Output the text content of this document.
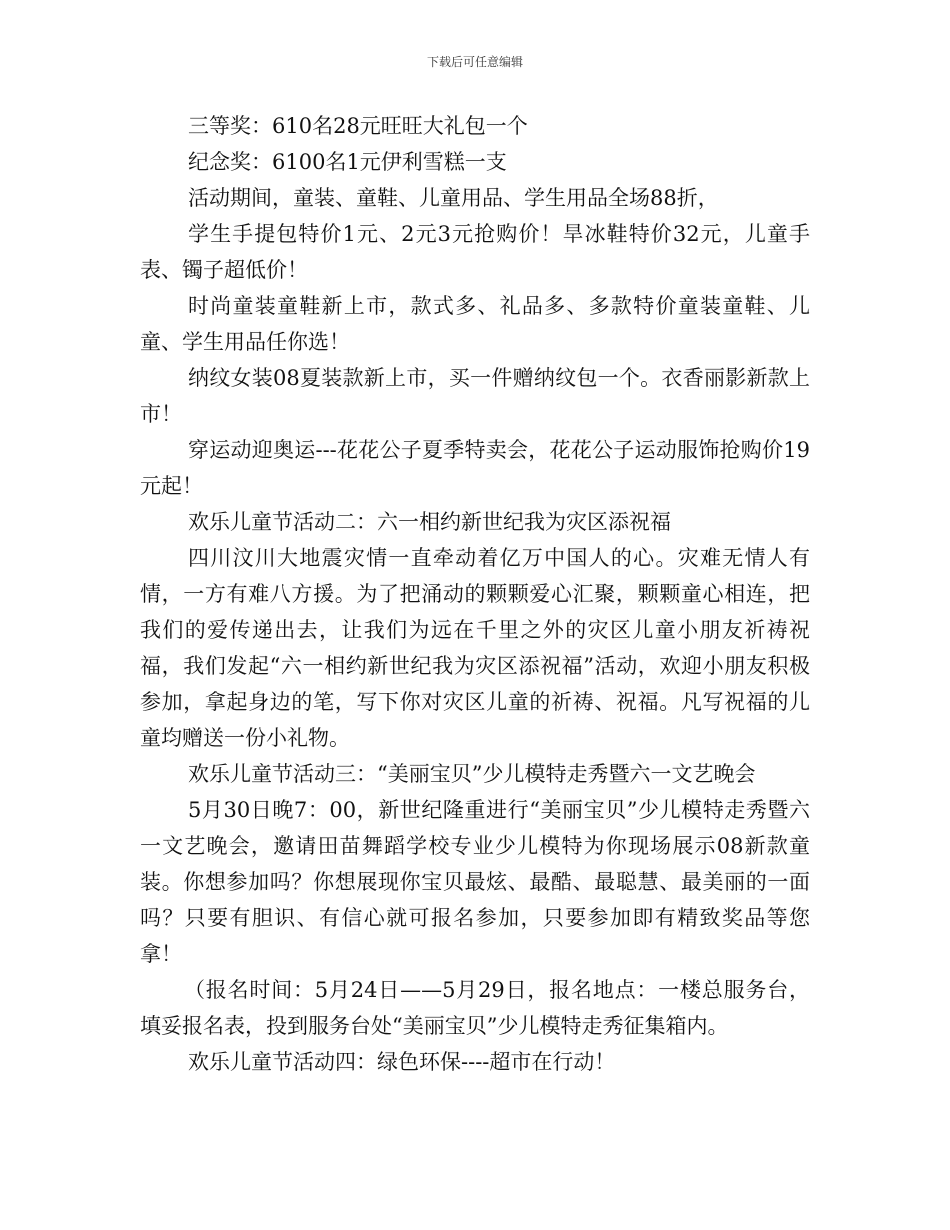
下载后可任意编辑

三等奖：610名28元旺旺大礼包一个

纪念奖：6100名1元伊利雪糕一支

活动期间，童装、童鞋、儿童用品、学生用品全场88折，

学生手提包特价1元、2元3元抢购价！旱冰鞋特价32元，儿童手表、镯子超低价！

时尚童装童鞋新上市，款式多、礼品多、多款特价童装童鞋、儿童、学生用品任你选！

纳纹女装08夏装款新上市，买一件赠纳纹包一个。衣香丽影新款上市！

穿运动迎奥运---花花公子夏季特卖会，花花公子运动服饰抢购价19元起！

欢乐儿童节活动二：六一相约新世纪我为灾区添祝福

四川汶川大地震灾情一直牵动着亿万中国人的心。灾难无情人有情，一方有难八方援。为了把涌动的颗颗爱心汇聚，颗颗童心相连，把我们的爱传递出去，让我们为远在千里之外的灾区儿童小朋友祈祷祝福，我们发起“六一相约新世纪我为灾区添祝福”活动，欢迎小朋友积极参加，拿起身边的笔，写下你对灾区儿童的祈祷、祝福。凡写祝福的儿童均赠送一份小礼物。

欢乐儿童节活动三：“美丽宝贝”少儿模特走秀暨六一文艺晚会

5月30日晚7：00，新世纪隆重进行“美丽宝贝”少儿模特走秀暨六一文艺晚会，邀请田苗舞蹈学校专业少儿模特为你现场展示08新款童装。你想参加吗？你想展现你宝贝最炫、最酷、最聪慧、最美丽的一面吗？只要有胆识、有信心就可报名参加，只要参加即有精致奖品等您拿！

（报名时间：5月24日——5月29日，报名地点：一楼总服务台，填妥报名表，投到服务台处“美丽宝贝”少儿模特走秀征集箱内。

欢乐儿童节活动四：绿色环保----超市在行动！
